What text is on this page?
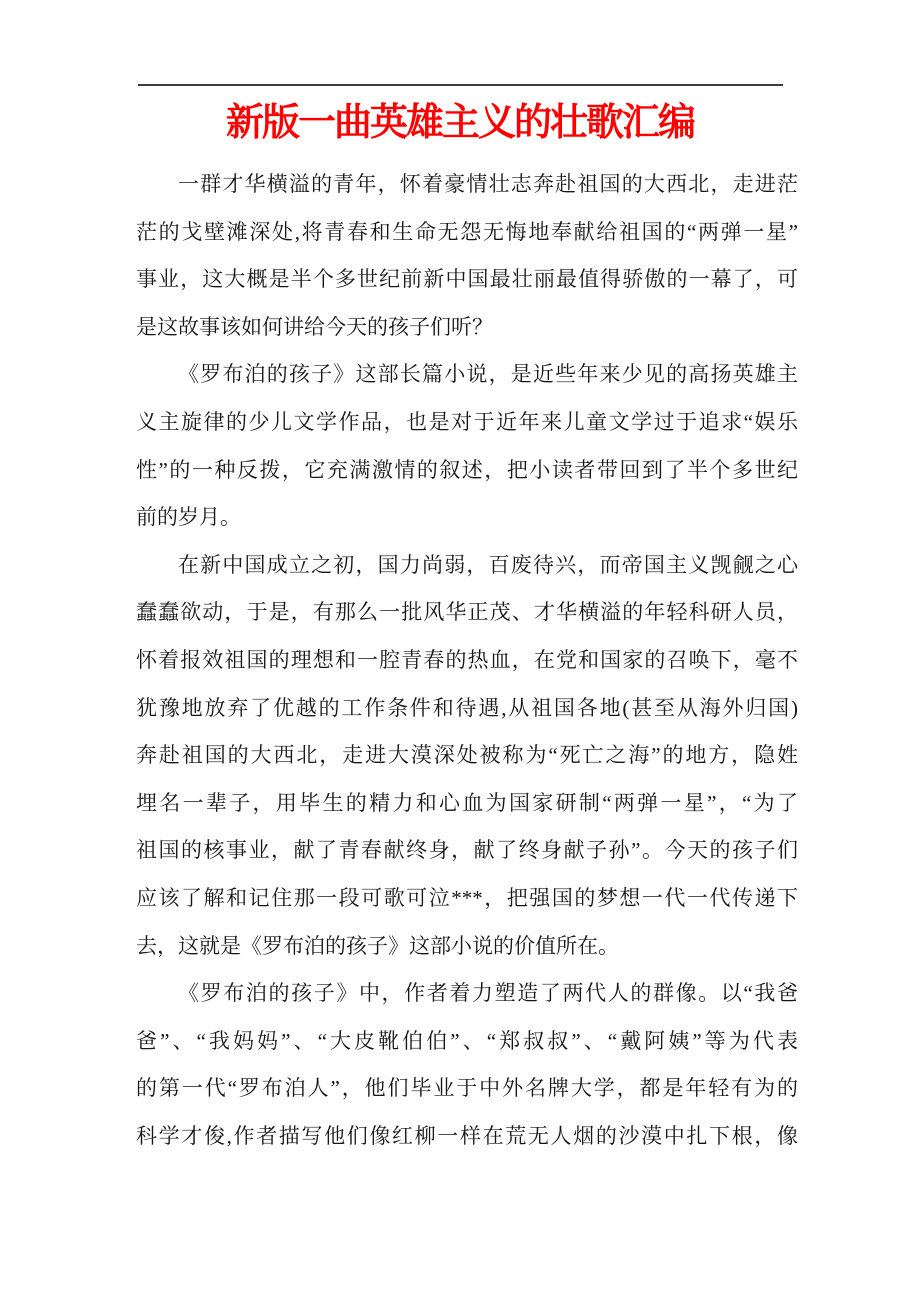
新版一曲英雄主义的壮歌汇编
一群才华横溢的青年，怀着豪情壮志奔赴祖国的大西北，走进茫
茫的戈壁滩深处,将青春和生命无怨无悔地奉献给祖国的“两弹一星”
事业，这大概是半个多世纪前新中国最壮丽最值得骄傲的一幕了，可
是这故事该如何讲给今天的孩子们听？
《罗布泊的孩子》这部长篇小说，是近些年来少见的高扬英雄主
义主旋律的少儿文学作品，也是对于近年来儿童文学过于追求“娱乐
性”的一种反拨，它充满激情的叙述，把小读者带回到了半个多世纪
前的岁月。
在新中国成立之初，国力尚弱，百废待兴，而帝国主义觊觎之心
蠢蠢欲动，于是，有那么一批风华正茂、才华横溢的年轻科研人员，
怀着报效祖国的理想和一腔青春的热血，在党和国家的召唤下，毫不
犹豫地放弃了优越的工作条件和待遇,从祖国各地(甚至从海外归国)
奔赴祖国的大西北，走进大漠深处被称为“死亡之海”的地方，隐姓
埋名一辈子，用毕生的精力和心血为国家研制“两弹一星”，“为了
祖国的核事业，献了青春献终身，献了终身献子孙”。今天的孩子们
应该了解和记住那一段可歌可泣***，把强国的梦想一代一代传递下
去，这就是《罗布泊的孩子》这部小说的价值所在。
《罗布泊的孩子》中，作者着力塑造了两代人的群像。以“我爸
爸”、“我妈妈”、“大皮靴伯伯”、“郑叔叔”、“戴阿姨”等为代表
的第一代“罗布泊人”，他们毕业于中外名牌大学，都是年轻有为的
科学才俊,作者描写他们像红柳一样在荒无人烟的沙漠中扎下根，像
